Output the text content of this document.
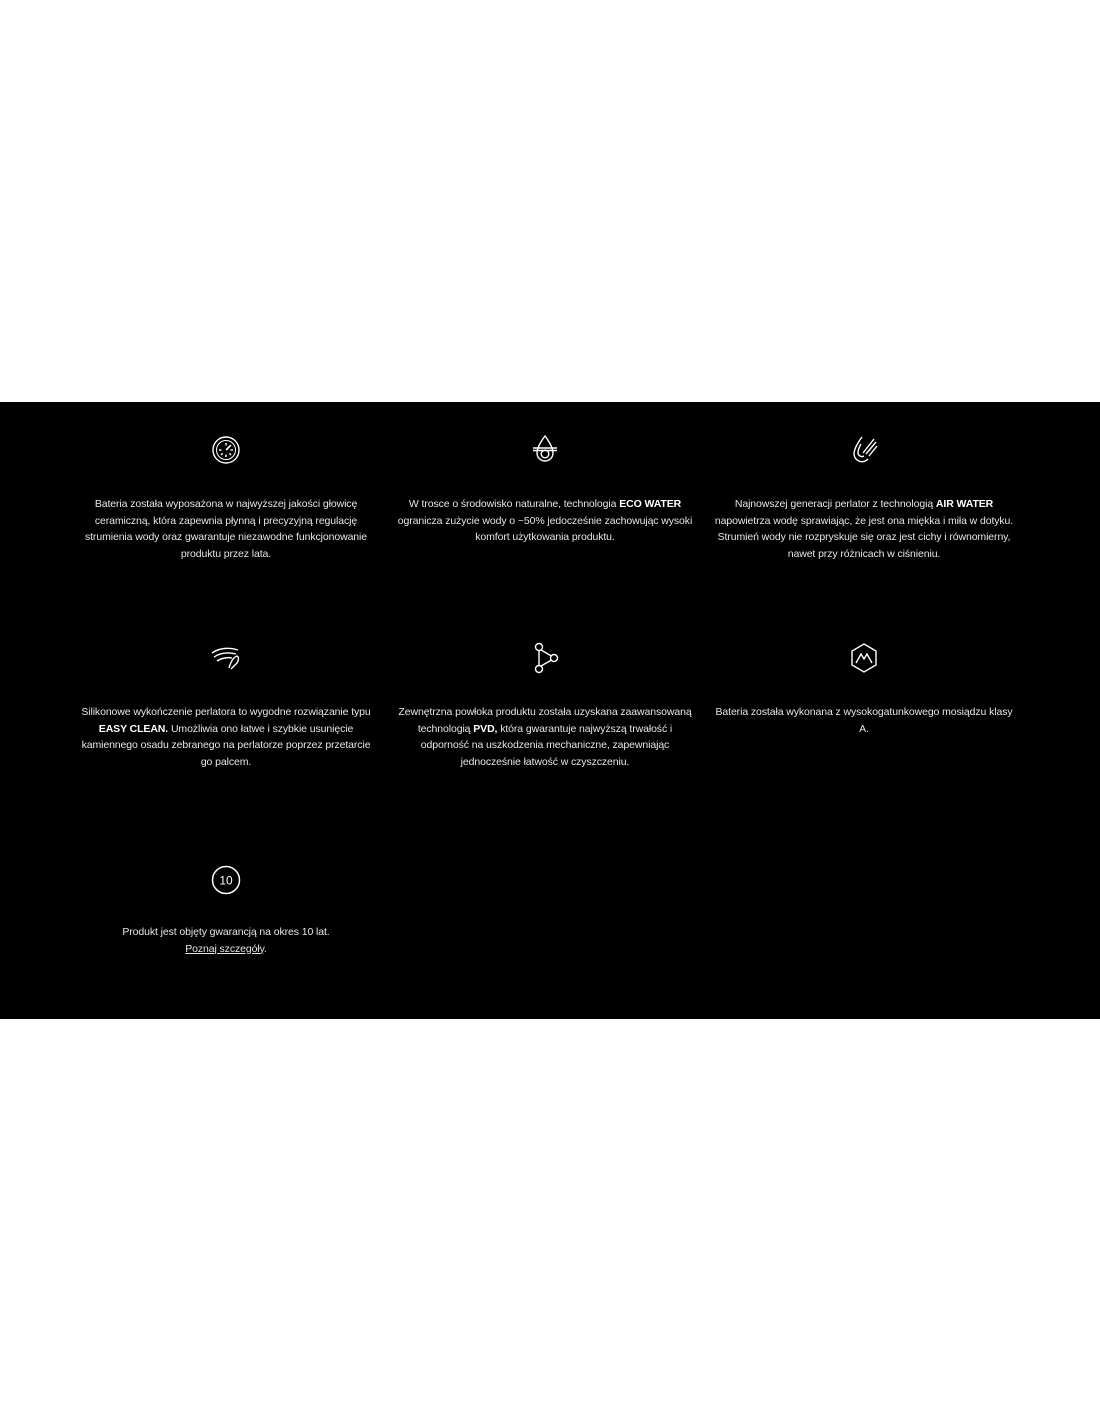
Bateria została wyposażona w najwyższej jakości głowicę ceramiczną, która zapewnia płynną i precyzyjną regulację strumienia wody oraz gwarantuje niezawodne funkcjonowanie produktu przez lata.
W trosce o środowisko naturalne, technologia ECO WATER
ogranicza zużycie wody o ~50% jedocześnie zachowując wysoki komfort użytkowania produktu.
Najnowszej generacji perlator z technologią AIR WATER
napowietrza wodę sprawiając, że jest ona miękka i miła w dotyku. Strumień wody nie rozpryskuje się oraz jest cichy i równomierny, nawet przy różnicach w ciśnieniu.
Silikonowe wykończenie perlatora to wygodne rozwiązanie typu EASY CLEAN. Umożliwia ono łatwe i szybkie usunięcie kamiennego osadu zebranego na perlatorze poprzez przetarcie go palcem.
Zewnętrzna powłoka produktu została uzyskana zaawansowaną technologią PVD, która gwarantuje najwyższą trwałość i odporność na uszkodzenia mechaniczne, zapewniając jednocześnie łatwość w czyszczeniu.
Bateria została wykonana z wysokogatunkowego mosiądzu klasy A.
10
Produkt jest objęty gwarancją na okres 10 lat.
Poznaj szczegóły.
